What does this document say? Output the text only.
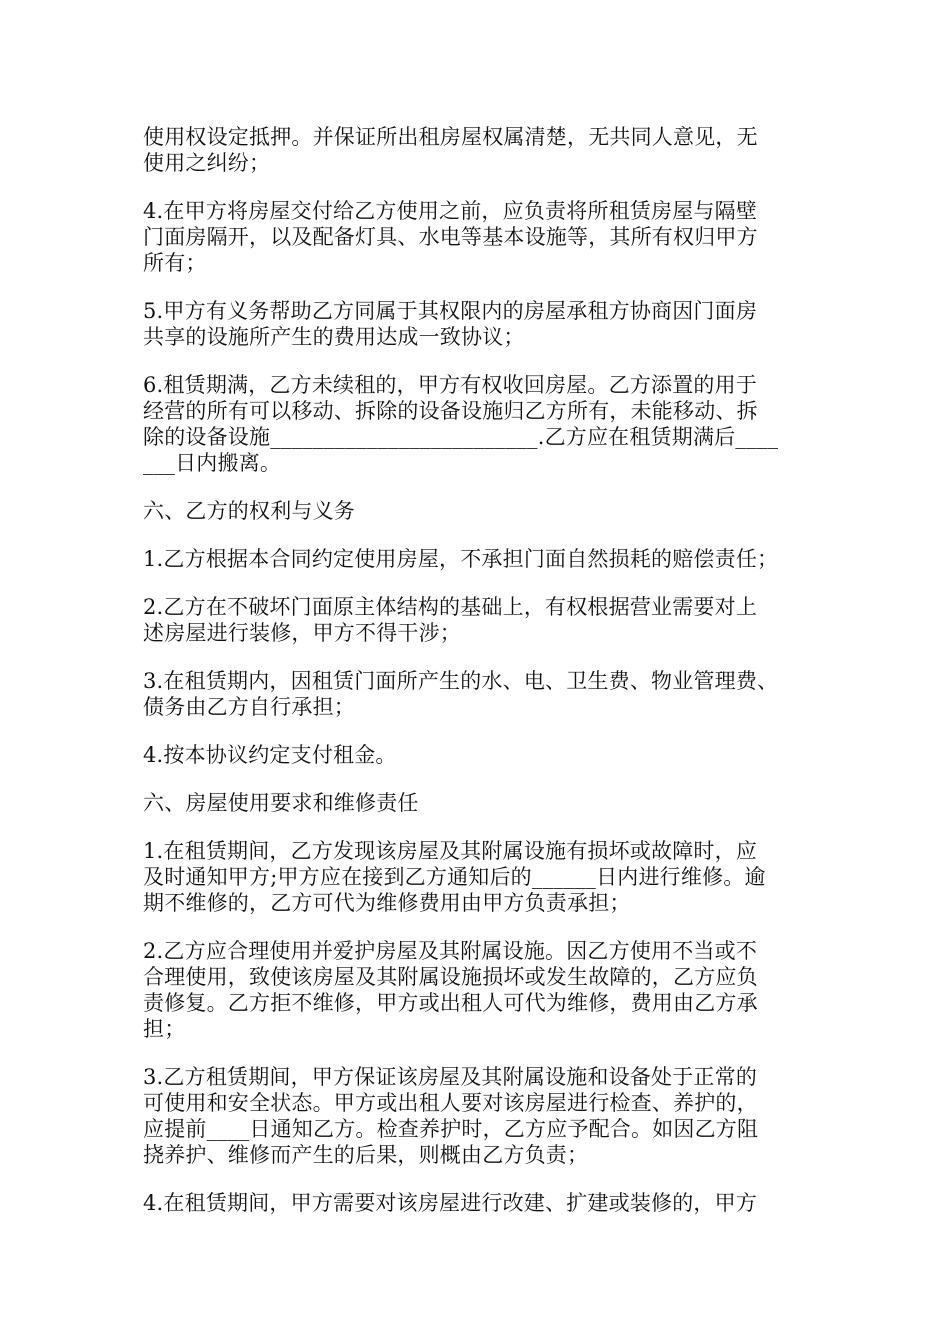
使用权设定抵押。并保证所出租房屋权属清楚，无共同人意见，无
使用之纠纷；
4.在甲方将房屋交付给乙方使用之前，应负责将所租赁房屋与隔壁
门面房隔开，以及配备灯具、水电等基本设施等，其所有权归甲方
所有；
5.甲方有义务帮助乙方同属于其权限内的房屋承租方协商因门面房
共享的设施所产生的费用达成一致协议；
6.租赁期满，乙方未续租的，甲方有权收回房屋。乙方添置的用于
经营的所有可以移动、拆除的设备设施归乙方所有，未能移动、拆
除的设备设施_________________________.乙方应在租赁期满后____
___日内搬离。
六、乙方的权利与义务
1.乙方根据本合同约定使用房屋，不承担门面自然损耗的赔偿责任；
2.乙方在不破坏门面原主体结构的基础上，有权根据营业需要对上
述房屋进行装修，甲方不得干涉；
3.在租赁期内，因租赁门面所产生的水、电、卫生费、物业管理费、
债务由乙方自行承担；
4.按本协议约定支付租金。
六、房屋使用要求和维修责任
1.在租赁期间，乙方发现该房屋及其附属设施有损坏或故障时，应
及时通知甲方;甲方应在接到乙方通知后的______日内进行维修。逾
期不维修的，乙方可代为维修费用由甲方负责承担；
2.乙方应合理使用并爱护房屋及其附属设施。因乙方使用不当或不
合理使用，致使该房屋及其附属设施损坏或发生故障的，乙方应负
责修复。乙方拒不维修，甲方或出租人可代为维修，费用由乙方承
担；
3.乙方租赁期间，甲方保证该房屋及其附属设施和设备处于正常的
可使用和安全状态。甲方或出租人要对该房屋进行检查、养护的，
应提前____日通知乙方。检查养护时，乙方应予配合。如因乙方阻
挠养护、维修而产生的后果，则概由乙方负责；
4.在租赁期间，甲方需要对该房屋进行改建、扩建或装修的，甲方
